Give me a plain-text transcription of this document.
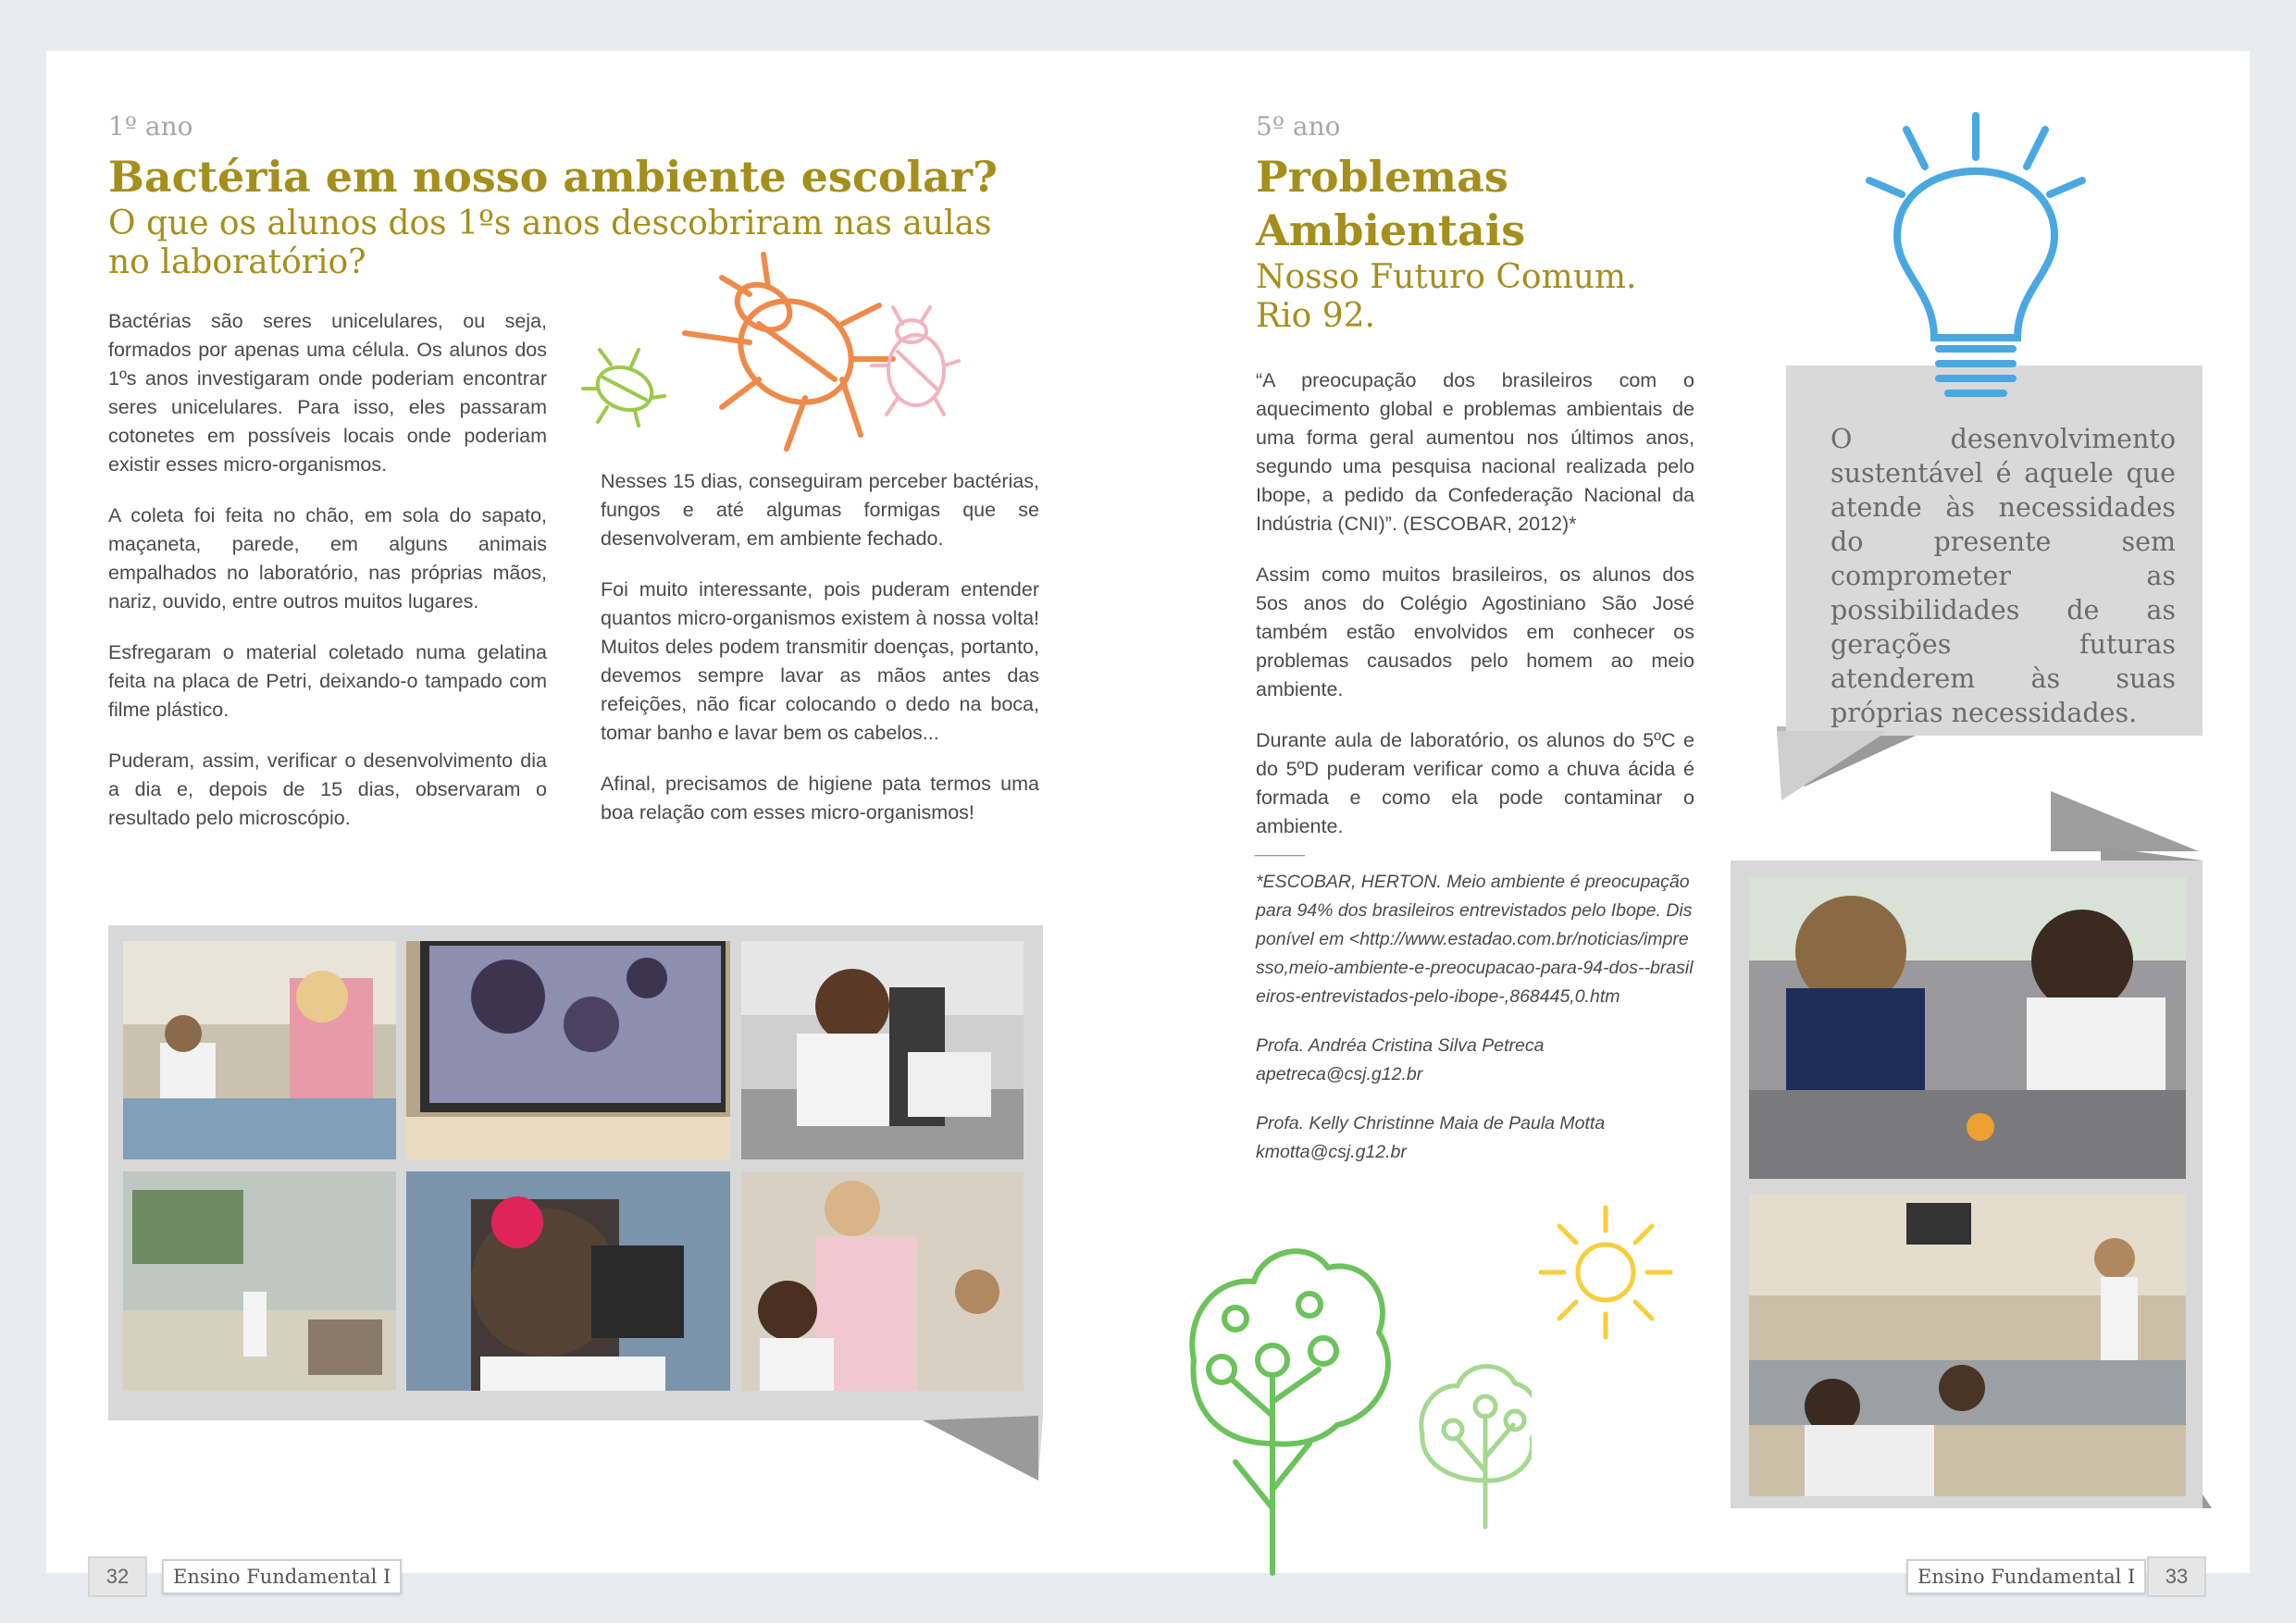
1º ano
Bactéria em nosso ambiente escolar?
O que os alunos dos 1ºs anos descobriram nas aulas no laboratório?

Bactérias são seres unicelulares, ou seja, formados por apenas uma célula. Os alunos dos 1ºs anos investigaram onde poderiam encontrar seres unicelulares. Para isso, eles passaram cotonetes em possíveis locais onde poderiam existir esses micro-organismos.

A coleta foi feita no chão, em sola do sapato, maçaneta, parede, em alguns animais empalhados no laboratório, nas próprias mãos, nariz, ouvido, entre outros muitos lugares.

Esfregaram o material coletado numa gelatina feita na placa de Petri, deixando-o tampado com filme plástico.

Puderam, assim, verificar o desenvolvimento dia a dia e, depois de 15 dias, observaram o resultado pelo microscópio.

Nesses 15 dias, conseguiram perceber bactérias, fungos e até algumas formigas que se desenvolveram, em ambiente fechado.

Foi muito interessante, pois puderam entender quantos micro-organismos existem à nossa volta! Muitos deles podem transmitir doenças, portanto, devemos sempre lavar as mãos antes das refeições, não ficar colocando o dedo na boca, tomar banho e lavar bem os cabelos...

Afinal, precisamos de higiene pata termos uma boa relação com esses micro-organismos!

32	Ensino Fundamental I
5º ano
Problemas
Ambientais
Nosso Futuro Comum.
Rio 92.

“A preocupação dos brasileiros com o aquecimento global e problemas ambientais de uma forma geral aumentou nos últimos anos, segundo uma pesquisa nacional realizada pelo Ibope, a pedido da Confederação Nacional da Indústria (CNI)”. (ESCOBAR, 2012)*

Assim como muitos brasileiros, os alunos dos 5os anos do Colégio Agostiniano São José também estão envolvidos em conhecer os problemas causados pelo homem ao meio ambiente.

Durante aula de laboratório, os alunos do 5ºC e do 5ºD puderam verificar como a chuva ácida é formada e como ela pode contaminar o ambiente.

_____

*ESCOBAR, HERTON. Meio ambiente é preocupação para 94% dos brasileiros entrevistados pelo Ibope. Disponível em <http://www.estadao.com.br/noticias/impresso,meio-ambiente-e-preocupacao-para-94-dos--brasileiros-entrevistados-pelo-ibope-,868445,0.htm

Profa. Andréa Cristina Silva Petreca apetreca@csj.g12.br

Profa. Kelly Christinne Maia de Paula Motta kmotta@csj.g12.br

O desenvolvimento sustentável é aquele que atende às necessidades do presente sem comprometer as possibilidades de as gerações futuras atenderem às suas próprias necessidades.
Ensino Fundamental I	33
